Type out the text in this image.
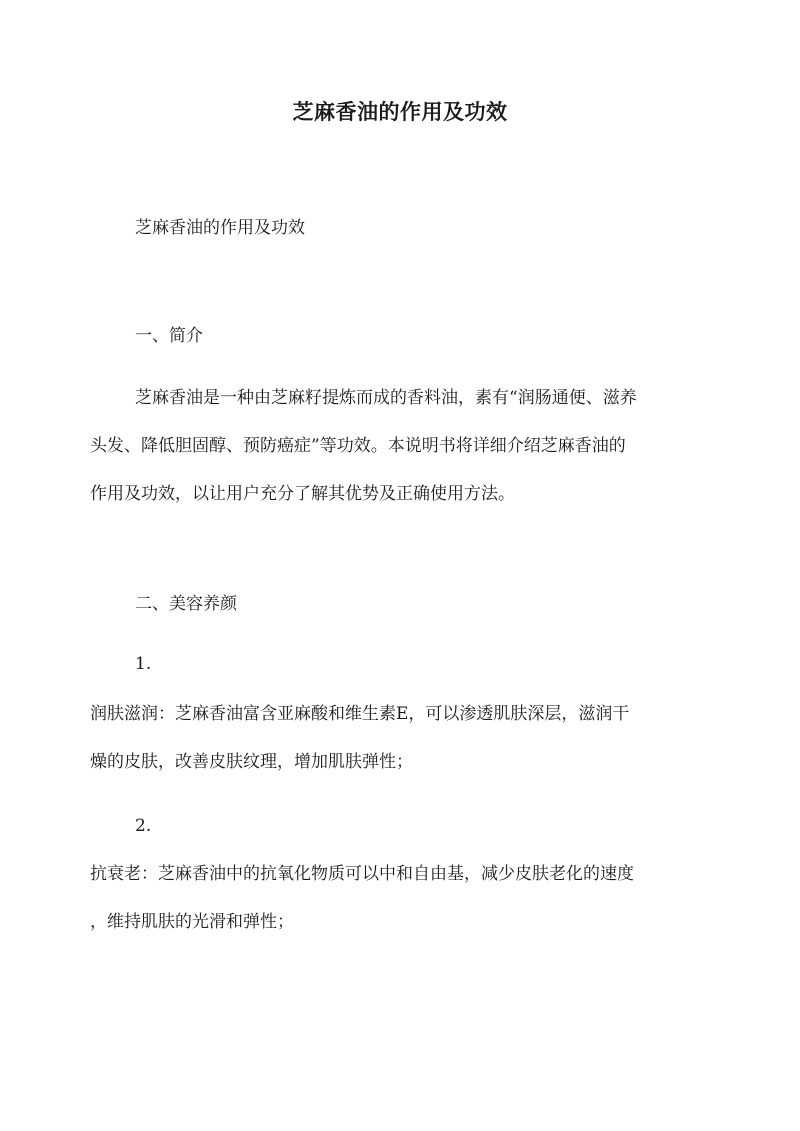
芝麻香油的作用及功效
芝麻香油的作用及功效
一、简介
芝麻香油是一种由芝麻籽提炼而成的香料油，素有“润肠通便、滋养
头发、降低胆固醇、预防癌症”等功效。本说明书将详细介绍芝麻香油的
作用及功效，以让用户充分了解其优势及正确使用方法。
二、美容养颜
1.
润肤滋润：芝麻香油富含亚麻酸和维生素E，可以渗透肌肤深层，滋润干
燥的皮肤，改善皮肤纹理，增加肌肤弹性；
2.
抗衰老：芝麻香油中的抗氧化物质可以中和自由基，减少皮肤老化的速度
，维持肌肤的光滑和弹性；
